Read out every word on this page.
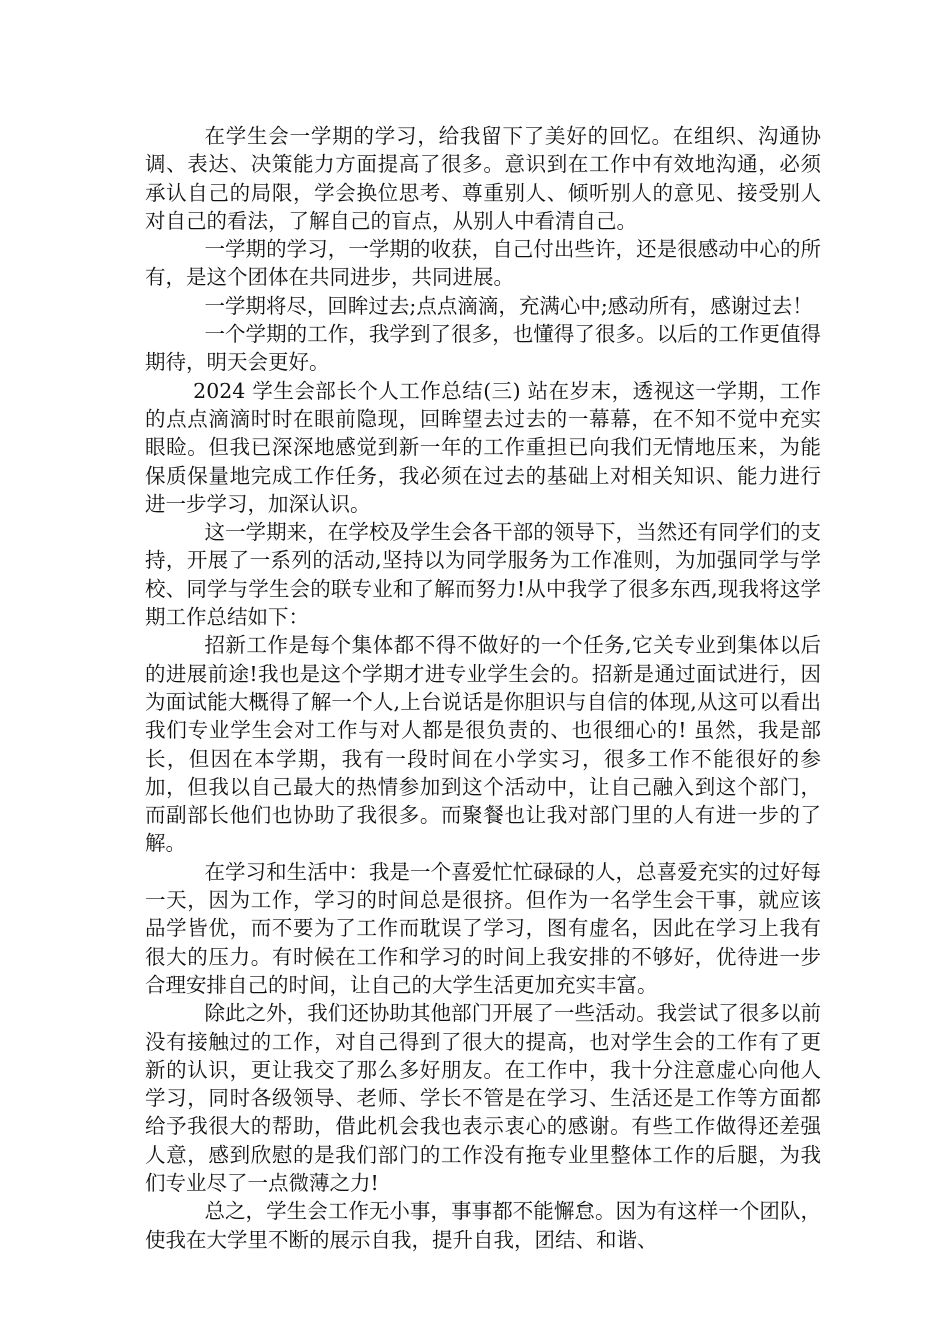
在学生会一学期的学习，给我留下了美好的回忆。在组织、沟通协调、表达、决策能力方面提高了很多。意识到在工作中有效地沟通，必须承认自己的局限，学会换位思考、尊重别人、倾听别人的意见、接受别人对自己的看法，了解自己的盲点，从别人中看清自己。

一学期的学习，一学期的收获，自己付出些许，还是很感动中心的所有，是这个团体在共同进步，共同进展。

一学期将尽，回眸过去;点点滴滴，充满心中;感动所有，感谢过去！

一个学期的工作，我学到了很多，也懂得了很多。以后的工作更值得期待，明天会更好。

2024 学生会部长个人工作总结(三) 站在岁末，透视这一学期，工作的点点滴滴时时在眼前隐现，回眸望去过去的一幕幕，在不知不觉中充实眼睑。但我已深深地感觉到新一年的工作重担已向我们无情地压来，为能保质保量地完成工作任务，我必须在过去的基础上对相关知识、能力进行进一步学习，加深认识。

这一学期来，在学校及学生会各干部的领导下，当然还有同学们的支持，开展了一系列的活动,坚持以为同学服务为工作准则，为加强同学与学校、同学与学生会的联专业和了解而努力!从中我学了很多东西,现我将这学期工作总结如下：

招新工作是每个集体都不得不做好的一个任务,它关专业到集体以后的进展前途!我也是这个学期才进专业学生会的。招新是通过面试进行，因为面试能大概得了解一个人,上台说话是你胆识与自信的体现,从这可以看出我们专业学生会对工作与对人都是很负责的、也很细心的! 虽然，我是部长，但因在本学期，我有一段时间在小学实习，很多工作不能很好的参加，但我以自己最大的热情参加到这个活动中，让自己融入到这个部门，而副部长他们也协助了我很多。而聚餐也让我对部门里的人有进一步的了解。

在学习和生活中：我是一个喜爱忙忙碌碌的人，总喜爱充实的过好每一天，因为工作，学习的时间总是很挤。但作为一名学生会干事，就应该品学皆优，而不要为了工作而耽误了学习，图有虚名，因此在学习上我有很大的压力。有时候在工作和学习的时间上我安排的不够好，优待进一步合理安排自己的时间，让自己的大学生活更加充实丰富。

除此之外，我们还协助其他部门开展了一些活动。我尝试了很多以前没有接触过的工作，对自己得到了很大的提高，也对学生会的工作有了更新的认识，更让我交了那么多好朋友。在工作中，我十分注意虚心向他人学习，同时各级领导、老师、学长不管是在学习、生活还是工作等方面都给予我很大的帮助，借此机会我也表示衷心的感谢。有些工作做得还差强人意，感到欣慰的是我们部门的工作没有拖专业里整体工作的后腿，为我们专业尽了一点微薄之力!

总之，学生会工作无小事，事事都不能懈怠。因为有这样一个团队，使我在大学里不断的展示自我，提升自我，团结、和谐、
